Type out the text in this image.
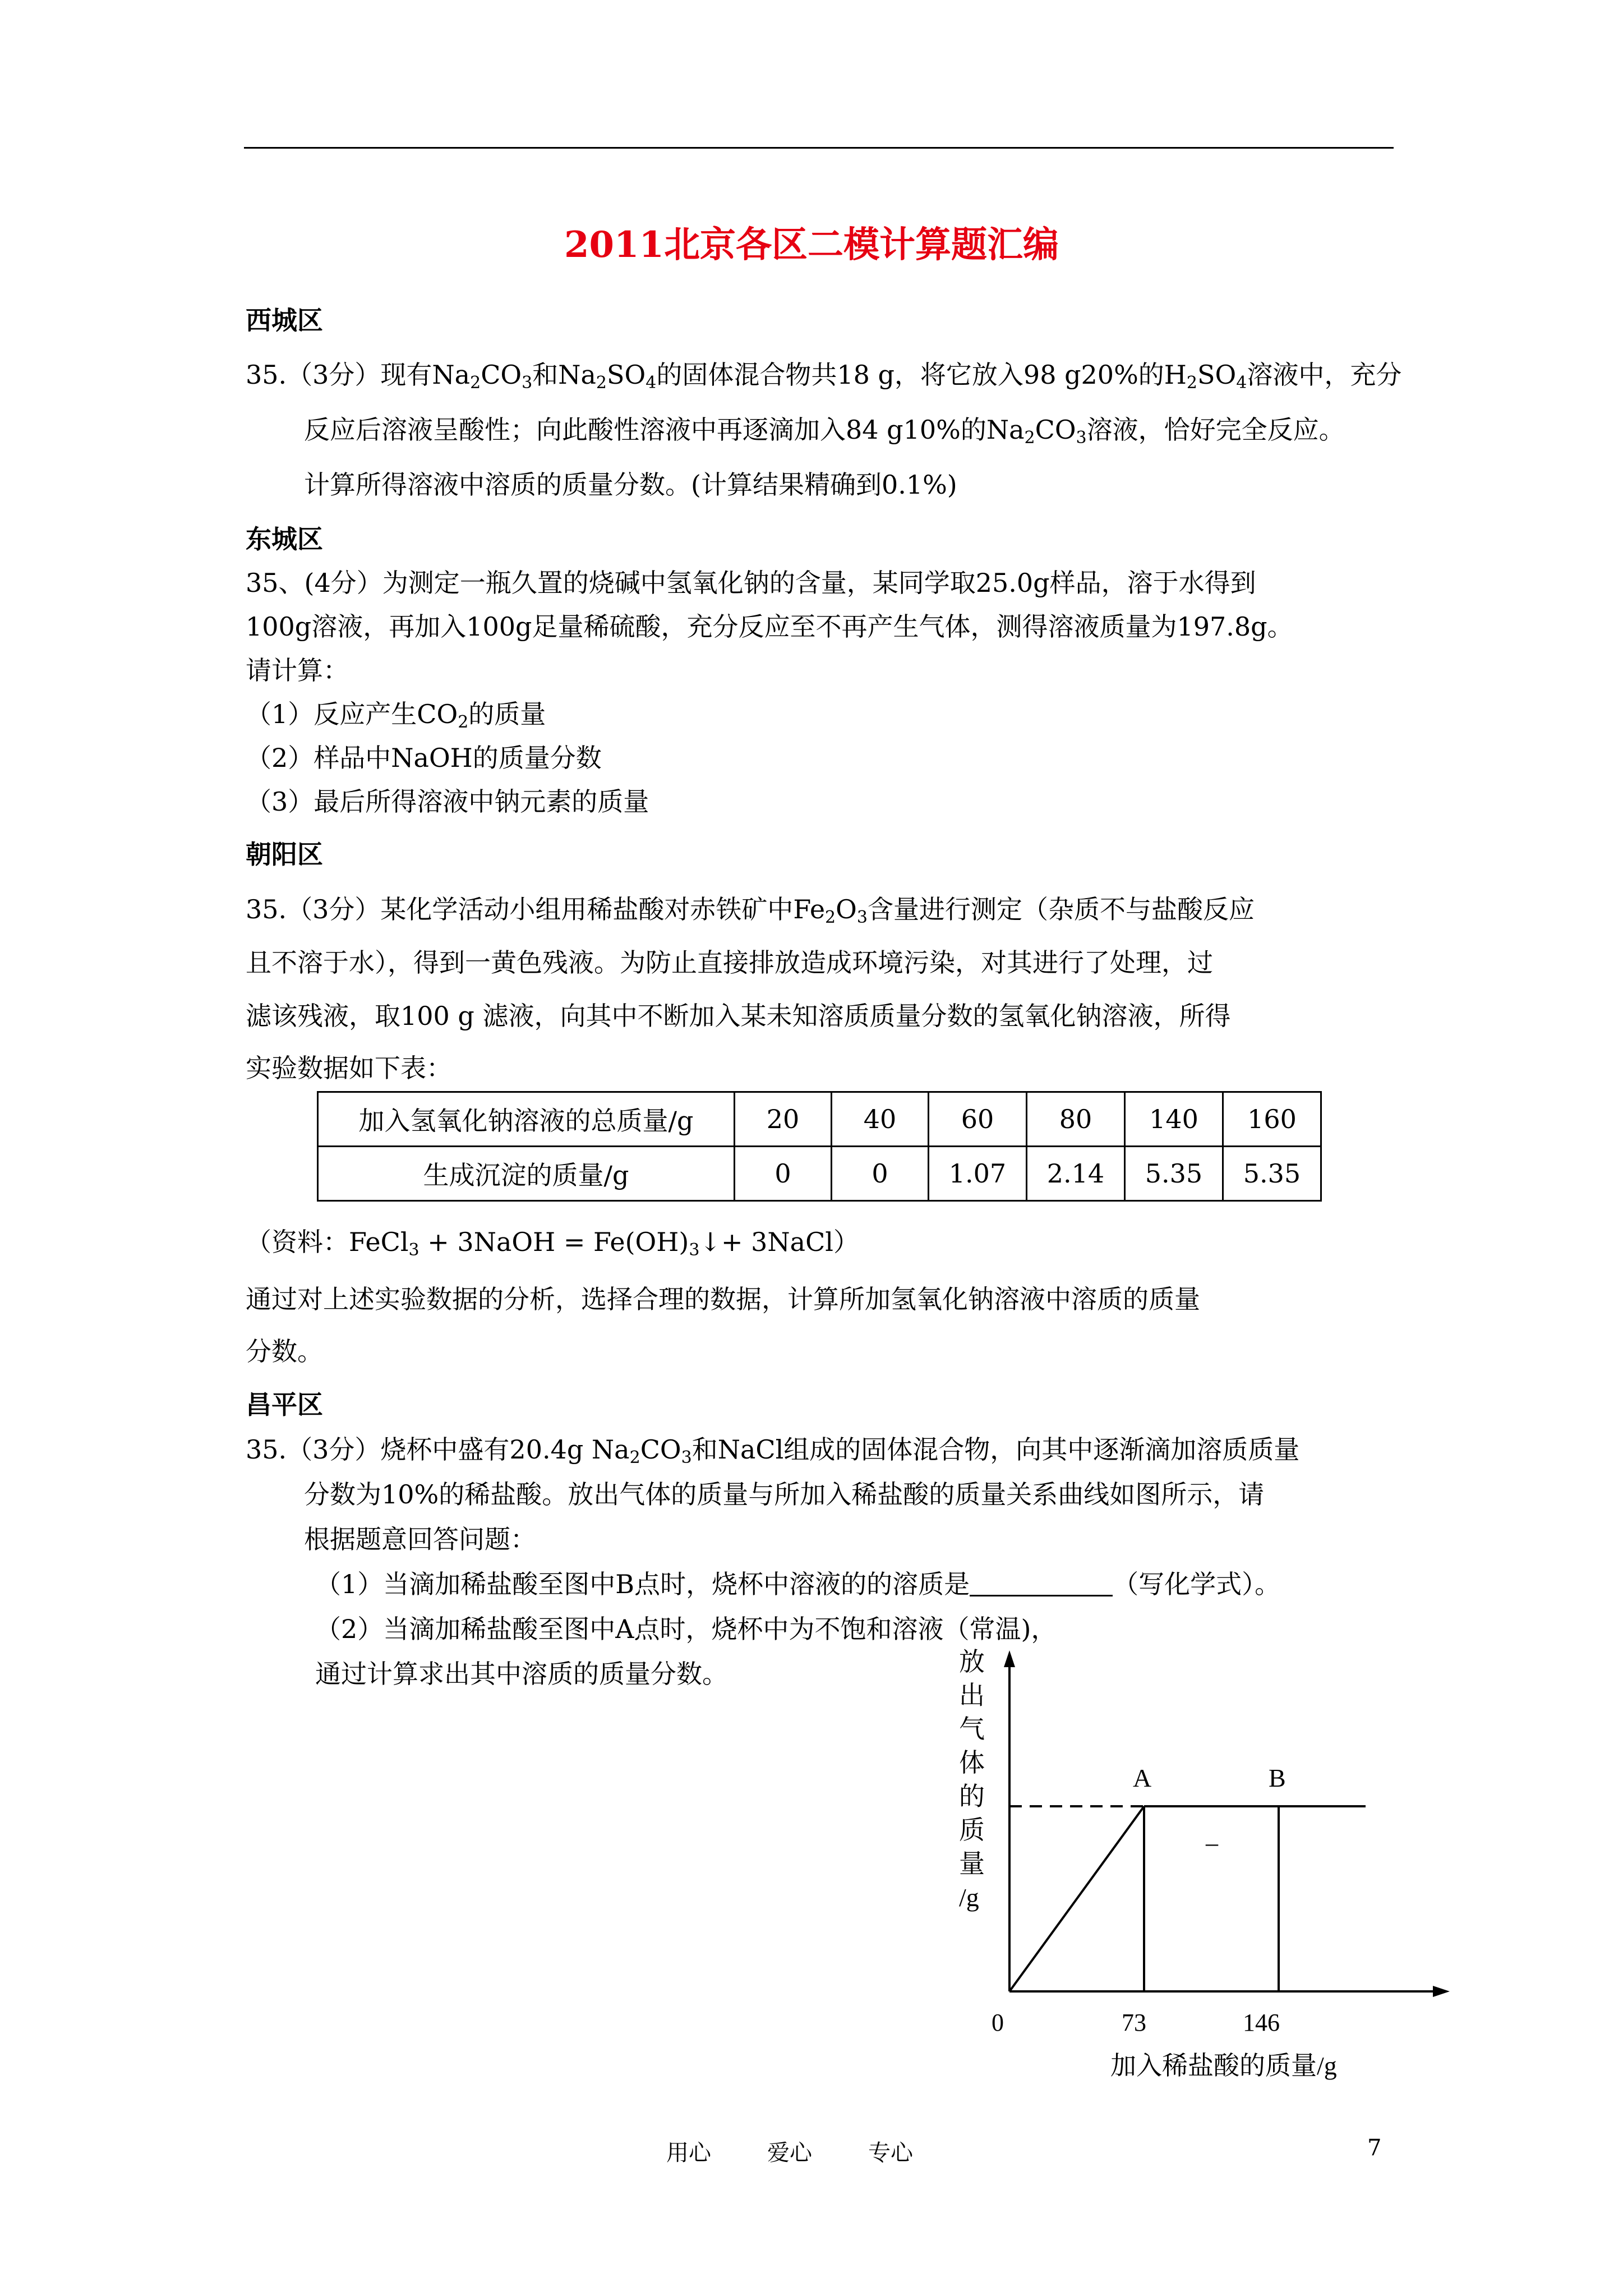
2011北京各区二模计算题汇编
西城区
35.（3分）现有$Na_2CO_3$和$Na_2SO_4$的固体混合物共18 g，将它放入98 g20%的$H_2SO_4$溶液中，充分
反应后溶液呈酸性；向此酸性溶液中再逐滴加入84 g10%的$Na_2CO_3$溶液，恰好完全反应。
计算所得溶液中溶质的质量分数。(计算结果精确到0.1%)
东城区
35、(4分）为测定一瓶久置的烧碱中氢氧化钠的含量，某同学取25.0g样品，溶于水得到
100g溶液，再加入100g足量稀硫酸，充分反应至不再产生气体，测得溶液质量为197.8g。
请计算：
（1）反应产生$CO_2$的质量
（2）样品中NaOH的质量分数
（3）最后所得溶液中钠元素的质量
朝阳区
35.（3分）某化学活动小组用稀盐酸对赤铁矿中$Fe_2O_3$含量进行测定（杂质不与盐酸反应
且不溶于水），得到一黄色残液。为防止直接排放造成环境污染，对其进行了处理，过
滤该残液，取100 g 滤液，向其中不断加入某未知溶质质量分数的氢氧化钠溶液，所得
实验数据如下表：
加入氢氧化钠溶液的总质量/g	20	40	60	80	140	160
生成沉淀的质量/g	0	0	1.07	2.14	5.35	5.35
（资料：FeCl$_3$ + 3NaOH = $Fe(OH)_3↓+$ 3NaCl）
通过对上述实验数据的分析，选择合理的数据，计算所加氢氧化钠溶液中溶质的质量
分数。
昌平区
35.（3分）烧杯中盛有20.4g $Na_2CO_3$和NaCl组成的固体混合物，向其中逐渐滴加溶质质量
分数为10%的稀盐酸。放出气体的质量与所加入稀盐酸的质量关系曲线如图所示，请
根据题意回答问题：
（1）当滴加稀盐酸至图中B点时，烧杯中溶液的的溶质是	（写化学式）。
（2）当滴加稀盐酸至图中A点时，烧杯中为不饱和溶液（常温)，
通过计算求出其中溶质的质量分数。	放
出
气
体
的
质
量
/g
A	B
73	146
–
0
加入稀盐酸的质量/g
用心	爱心	专心	7
